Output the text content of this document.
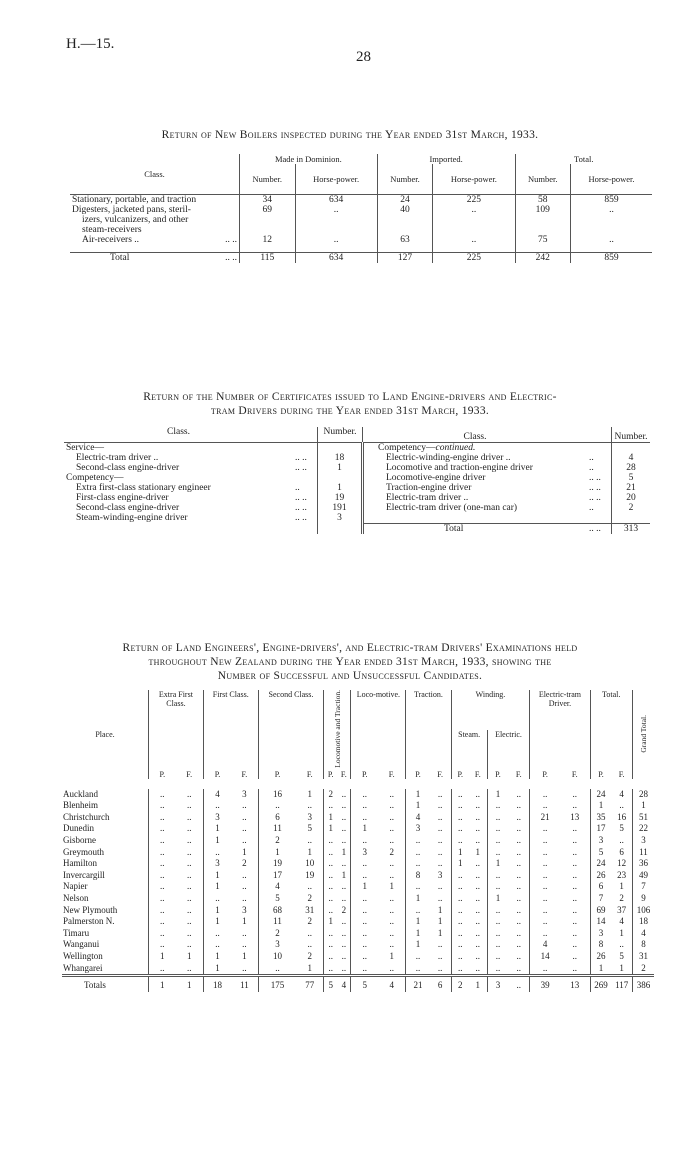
H.—15.
28
Return of New Boilers inspected during the Year ended 31st March, 1933.
Class.	Made in Dominion.		Imported.		Total.	
	Number.	Horse-power.	Number.	Horse-power.	Number.	Horse-power.
Stationary, portable, and traction	34	634	24	225	58	859
Digesters, jacketed pans, steril-	69	..	40	..	109	..
izers, vulcanizers, and other

steam-receivers

Air-receivers .. .. ..	12	..	63	..	75	..
Total .. ..	115	634	127	225	242	859
Return of the Number of Certificates issued to Land Engine-drivers and Electric-
tram Drivers during the Year ended 31st March, 1933.
Class.		Number.	Class.		Number.
Service—			Competency—continued.		
Electric-tram driver ..	.. ..	18	Electric-winding-engine driver ..	..	4
Second-class engine-driver	.. ..	1	Locomotive and traction-engine driver	..	28
Competency—			Locomotive-engine driver	.. ..	5
Extra first-class stationary engineer	..	1	Traction-engine driver	.. ..	21
First-class engine-driver	.. ..	19	Electric-tram driver ..	.. ..	20
Second-class engine-driver	.. ..	191	Electric-tram driver (one-man car)	..	2
Steam-winding-engine driver	.. ..	3			
			Total	.. ..	313
Return of Land Engineers', Engine-drivers', and Electric-tram Drivers' Examinations held
throughout New Zealand during the Year ended 31st March, 1933, showing the
Number of Successful and Unsuccessful Candidates.
Place.	Extra First Class.		First Class.		Second Class.		Locomotive and Traction.		Loco-motive.		Traction.		Winding.				Electric-tram Driver.		Total.		Grand Total.
													Steam.		Electric.						
	P.	F.	P.	F.	P.	F.	P.	F.	P.	F.	P.	F.	P.	F.	P.	F.	P.	F.	P.	F.	
Auckland	..	..	4	3	16	1	2	..	..	..	1	..	..	..	1	..	..	..	24	4	28
Blenheim	..	..	..	..	..	..	..	..	..	..	1	..	..	..	..	..	..	..	1	..	1
Christchurch	..	..	3	..	6	3	1	..	..	..	4	..	..	..	..	..	21	13	35	16	51
Dunedin	..	..	1	..	11	5	1	..	1	..	3	..	..	..	..	..	..	..	17	5	22
Gisborne	..	..	1	..	2	..	..	..	..	..	..	..	..	..	..	..	..	..	3	..	3
Greymouth	..	..	..	1	1	1	..	1	3	2	..	..	1	1	..	..	..	..	5	6	11
Hamilton	..	..	3	2	19	10	..	..	..	..	..	..	1	..	1	..	..	..	24	12	36
Invercargill	..	..	1	..	17	19	..	1	..	..	8	3	..	..	..	..	..	..	26	23	49
Napier	..	..	1	..	4	..	..	..	1	1	..	..	..	..	..	..	..	..	6	1	7
Nelson	..	..	..	..	5	2	..	..	..	..	1	..	..	..	1	..	..	..	7	2	9
New Plymouth	..	..	1	3	68	31	..	2	..	..	..	1	..	..	..	..	..	..	69	37	106
Palmerston N.	..	..	1	1	11	2	1	..	..	..	1	1	..	..	..	..	..	..	14	4	18
Timaru	..	..	..	..	2	..	..	..	..	..	1	1	..	..	..	..	..	..	3	1	4
Wanganui	..	..	..	..	3	..	..	..	..	..	1	..	..	..	..	..	4	..	8	..	8
Wellington	1	1	1	1	10	2	..	..	..	1	..	..	..	..	..	..	14	..	26	5	31
Whangarei	..	..	1	..	..	1	..	..	..	..	..	..	..	..	..	..	..	..	1	1	2
Totals	1	1	18	11	175	77	5	4	5	4	21	6	2	1	3	..	39	13	269	117	386
